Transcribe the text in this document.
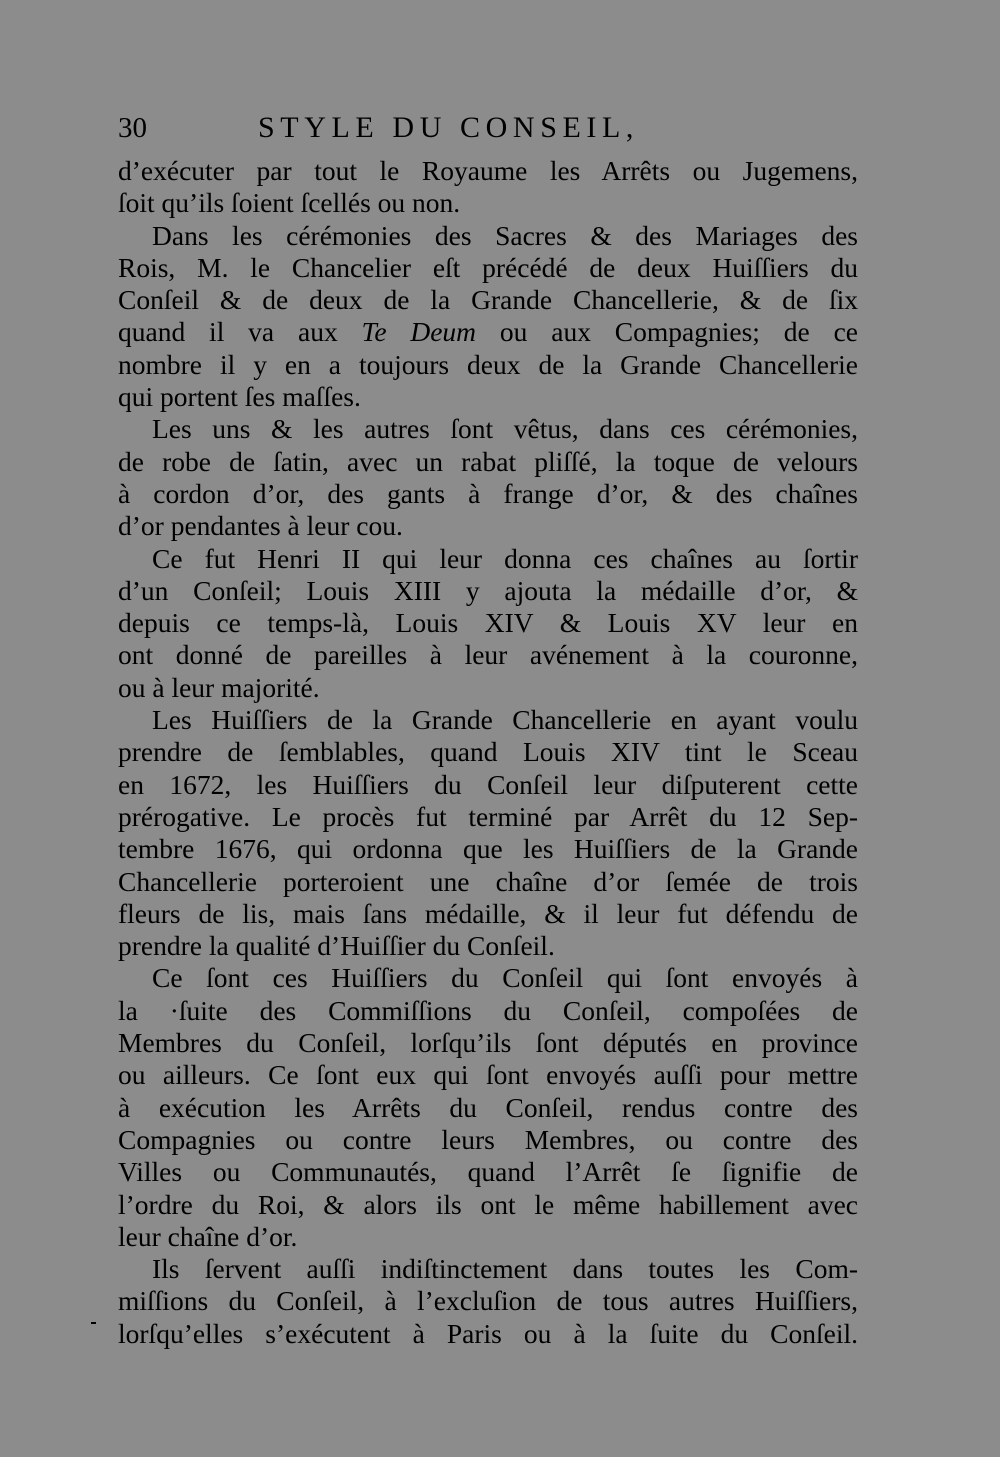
30	STYLE DU CONSEIL,
d’exécuter par tout le Royaume les Arrêts ou Jugemens,
ſoit qu’ils ſoient ſcellés ou non.
Dans les cérémonies des Sacres & des Mariages des
Rois, M. le Chancelier eſt précédé de deux Huiſſiers du
Conſeil & de deux de la Grande Chancellerie, & de ſix
quand il va aux Te Deum ou aux Compagnies; de ce
nombre il y en a toujours deux de la Grande Chancellerie
qui portent ſes maſſes.
Les uns & les autres ſont vêtus, dans ces cérémonies,
de robe de ſatin, avec un rabat pliſſé, la toque de velours
à cordon d’or, des gants à frange d’or, & des chaînes
d’or pendantes à leur cou.
Ce fut Henri II qui leur donna ces chaînes au ſortir
d’un Conſeil; Louis XIII y ajouta la médaille d’or, &
depuis ce temps-là, Louis XIV & Louis XV leur en
ont donné de pareilles à leur avénement à la couronne,
ou à leur majorité.
Les Huiſſiers de la Grande Chancellerie en ayant voulu
prendre de ſemblables, quand Louis XIV tint le Sceau
en 1672, les Huiſſiers du Conſeil leur diſputerent cette
prérogative. Le procès fut terminé par Arrêt du 12 Sep-
tembre 1676, qui ordonna que les Huiſſiers de la Grande
Chancellerie porteroient une chaîne d’or ſemée de trois
fleurs de lis, mais ſans médaille, & il leur fut défendu de
prendre la qualité d’Huiſſier du Conſeil.
Ce ſont ces Huiſſiers du Conſeil qui ſont envoyés à
la ·ſuite des Commiſſions du Conſeil, compoſées de
Membres du Conſeil, lorſqu’ils ſont députés en province
ou ailleurs. Ce ſont eux qui ſont envoyés auſſi pour mettre
à exécution les Arrêts du Conſeil, rendus contre des
Compagnies ou contre leurs Membres, ou contre des
Villes ou Communautés, quand l’Arrêt ſe ſignifie de
l’ordre du Roi, & alors ils ont le même habillement avec
leur chaîne d’or.
Ils ſervent auſſi indiſtinctement dans toutes les Com-
miſſions du Conſeil, à l’excluſion de tous autres Huiſſiers,
lorſqu’elles s’exécutent à Paris ou à la ſuite du Conſeil.
